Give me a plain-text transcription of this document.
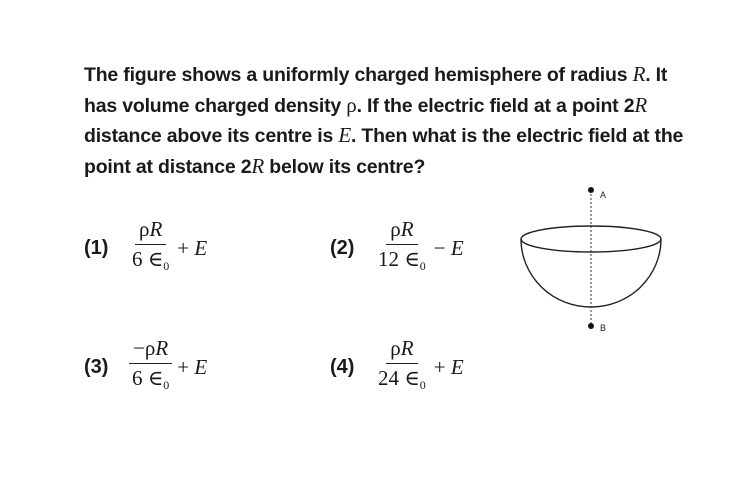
The figure shows a uniformly charged hemisphere of radius R. It has volume charged density ρ. If the electric field at a point 2R distance above its centre is E. Then what is the electric field at the point at distance 2R below its centre?
$(1) \frac{\rho R}{6 \in_0} + E$	$(2) \frac{\rho R}{12 \in_0} - E$
$(3) \frac{-\rho R}{6 \in_0} + E$	$(4) \frac{\rho R}{24 \in_0} + E$
A
B
